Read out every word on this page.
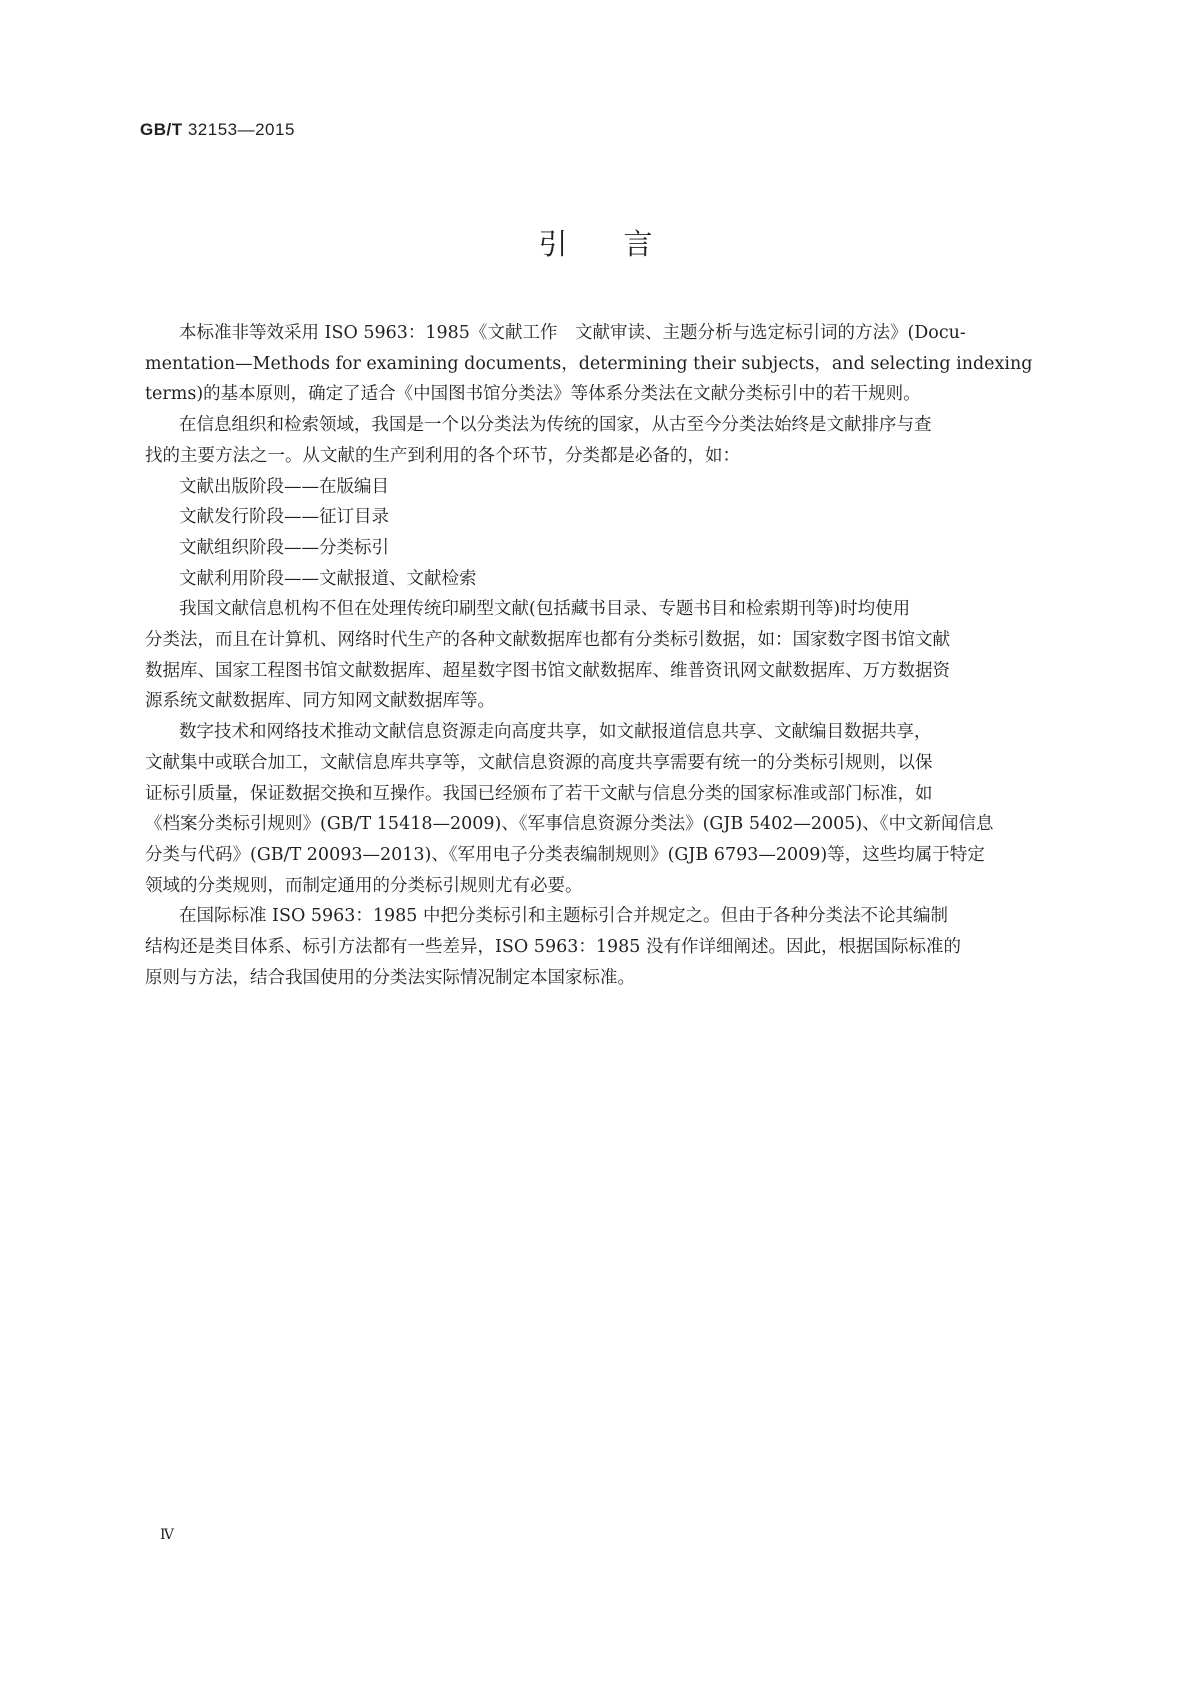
GB/T 32153—2015
引言

本标准非等效采用 ISO 5963：1985《文献工作　文献审读、主题分析与选定标引词的方法》(Docu-
mentation—Methods for examining documents，determining their subjects，and selecting indexing
terms)的基本原则，确定了适合《中国图书馆分类法》等体系分类法在文献分类标引中的若干规则。

在信息组织和检索领域，我国是一个以分类法为传统的国家，从古至今分类法始终是文献排序与查
找的主要方法之一。从文献的生产到利用的各个环节，分类都是必备的，如：

文献出版阶段——在版编目

文献发行阶段——征订目录

文献组织阶段——分类标引

文献利用阶段——文献报道、文献检索

我国文献信息机构不但在处理传统印刷型文献(包括藏书目录、专题书目和检索期刊等)时均使用
分类法，而且在计算机、网络时代生产的各种文献数据库也都有分类标引数据，如：国家数字图书馆文献
数据库、国家工程图书馆文献数据库、超星数字图书馆文献数据库、维普资讯网文献数据库、万方数据资
源系统文献数据库、同方知网文献数据库等。

数字技术和网络技术推动文献信息资源走向高度共享，如文献报道信息共享、文献编目数据共享，
文献集中或联合加工，文献信息库共享等，文献信息资源的高度共享需要有统一的分类标引规则，以保
证标引质量，保证数据交换和互操作。我国已经颁布了若干文献与信息分类的国家标准或部门标准，如
《档案分类标引规则》(GB/T 15418—2009)、《军事信息资源分类法》(GJB 5402—2005)、《中文新闻信息
分类与代码》(GB/T 20093—2013)、《军用电子分类表编制规则》(GJB 6793—2009)等，这些均属于特定
领域的分类规则，而制定通用的分类标引规则尤有必要。

在国际标准 ISO 5963：1985 中把分类标引和主题标引合并规定之。但由于各种分类法不论其编制
结构还是类目体系、标引方法都有一些差异，ISO 5963：1985 没有作详细阐述。因此，根据国际标准的
原则与方法，结合我国使用的分类法实际情况制定本国家标准。

Ⅳ
